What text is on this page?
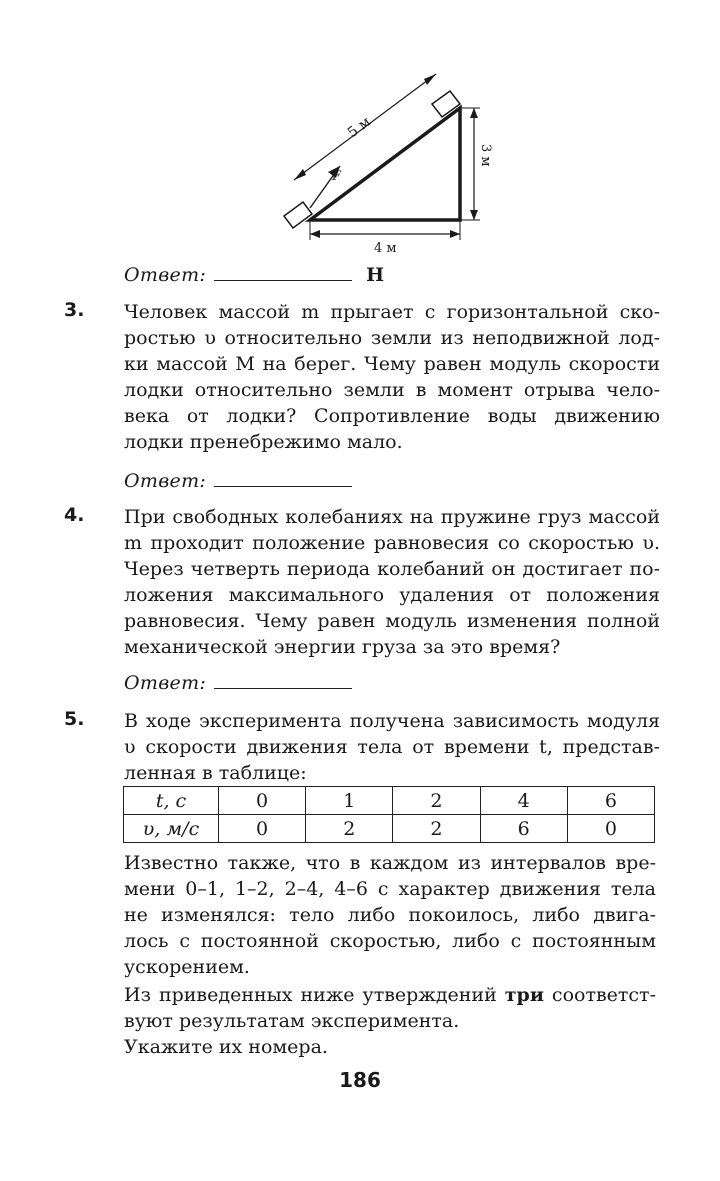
5 м
F
3 м
4 м
Ответ:	Н
3. Человек массой m прыгает с горизонтальной ско-
ростью υ относительно земли из неподвижной лод-
ки массой M на берег. Чему равен модуль скорости
лодки относительно земли в момент отрыва чело-
века от лодки? Сопротивление воды движению
лодки пренебрежимо мало.
Ответ:
4. При свободных колебаниях на пружине груз массой
m проходит положение равновесия со скоростью υ.
Через четверть периода колебаний он достигает по-
ложения максимального удаления от положения
равновесия. Чему равен модуль изменения полной
механической энергии груза за это время?
Ответ:
5. В ходе эксперимента получена зависимость модуля
υ скорости движения тела от времени t, представ-
ленная в таблице:
t, с	0	1	2	4	6
υ, м/с	0	2	2	6	0
Известно также, что в каждом из интервалов вре-
мени 0–1, 1–2, 2–4, 4–6 с характер движения тела
не изменялся: тело либо покоилось, либо двига-
лось с постоянной скоростью, либо с постоянным
ускорением.
Из приведенных ниже утверждений три соответст-
вуют результатам эксперимента.
Укажите их номера.
186
